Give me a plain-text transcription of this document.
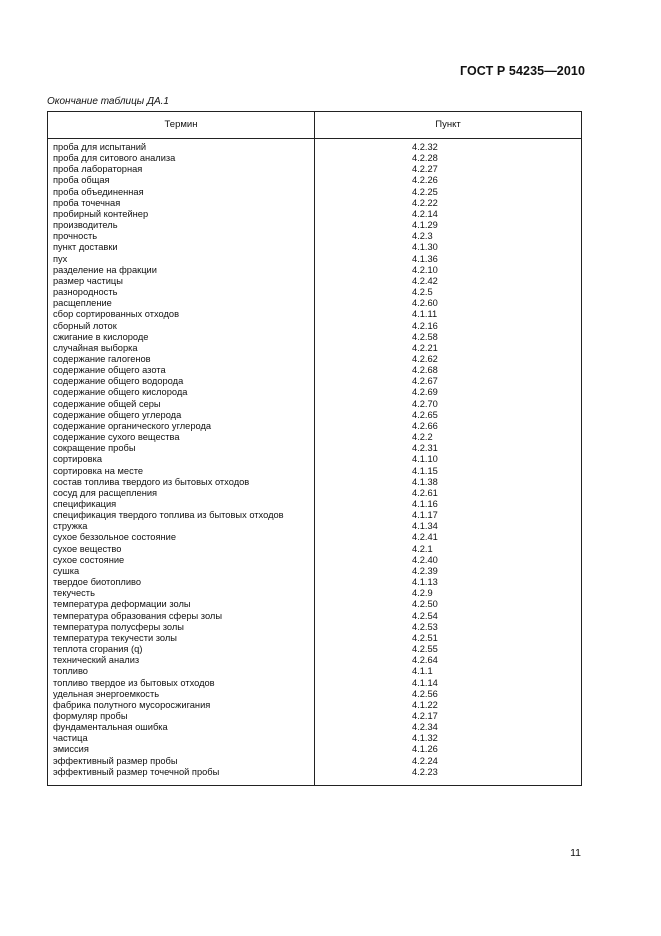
ГОСТ Р 54235—2010
Окончание таблицы ДА.1
Термин	Пункт
проба для испытаний	4.2.32
проба для ситового анализа	4.2.28
проба лабораторная	4.2.27
проба общая	4.2.26
проба объединенная	4.2.25
проба точечная	4.2.22
пробирный контейнер	4.2.14
производитель	4.1.29
прочность	4.2.3
пункт доставки	4.1.30
пух	4.1.36
разделение на фракции	4.2.10
размер частицы	4.2.42
разнородность	4.2.5
расщепление	4.2.60
сбор сортированных отходов	4.1.11
сборный лоток	4.2.16
сжигание в кислороде	4.2.58
случайная выборка	4.2.21
содержание галогенов	4.2.62
содержание общего азота	4.2.68
содержание общего водорода	4.2.67
содержание общего кислорода	4.2.69
содержание общей серы	4.2.70
содержание общего углерода	4.2.65
содержание органического углерода	4.2.66
содержание сухого вещества	4.2.2
сокращение пробы	4.2.31
сортировка	4.1.10
сортировка на месте	4.1.15
состав топлива твердого из бытовых отходов	4.1.38
сосуд для расщепления	4.2.61
спецификация	4.1.16
спецификация твердого топлива из бытовых отходов	4.1.17
стружка	4.1.34
сухое беззольное состояние	4.2.41
сухое вещество	4.2.1
сухое состояние	4.2.40
сушка	4.2.39
твердое биотопливо	4.1.13
текучесть	4.2.9
температура деформации золы	4.2.50
температура образования сферы золы	4.2.54
температура полусферы золы	4.2.53
температура текучести золы	4.2.51
теплота сгорания (q)	4.2.55
технический анализ	4.2.64
топливо	4.1.1
топливо твердое из бытовых отходов	4.1.14
удельная энергоемкость	4.2.56
фабрика полутного мусоросжигания	4.1.22
формуляр пробы	4.2.17
фундаментальная ошибка	4.2.34
частица	4.1.32
эмиссия	4.1.26
эффективный размер пробы	4.2.24
эффективный размер точечной пробы	4.2.23
11
